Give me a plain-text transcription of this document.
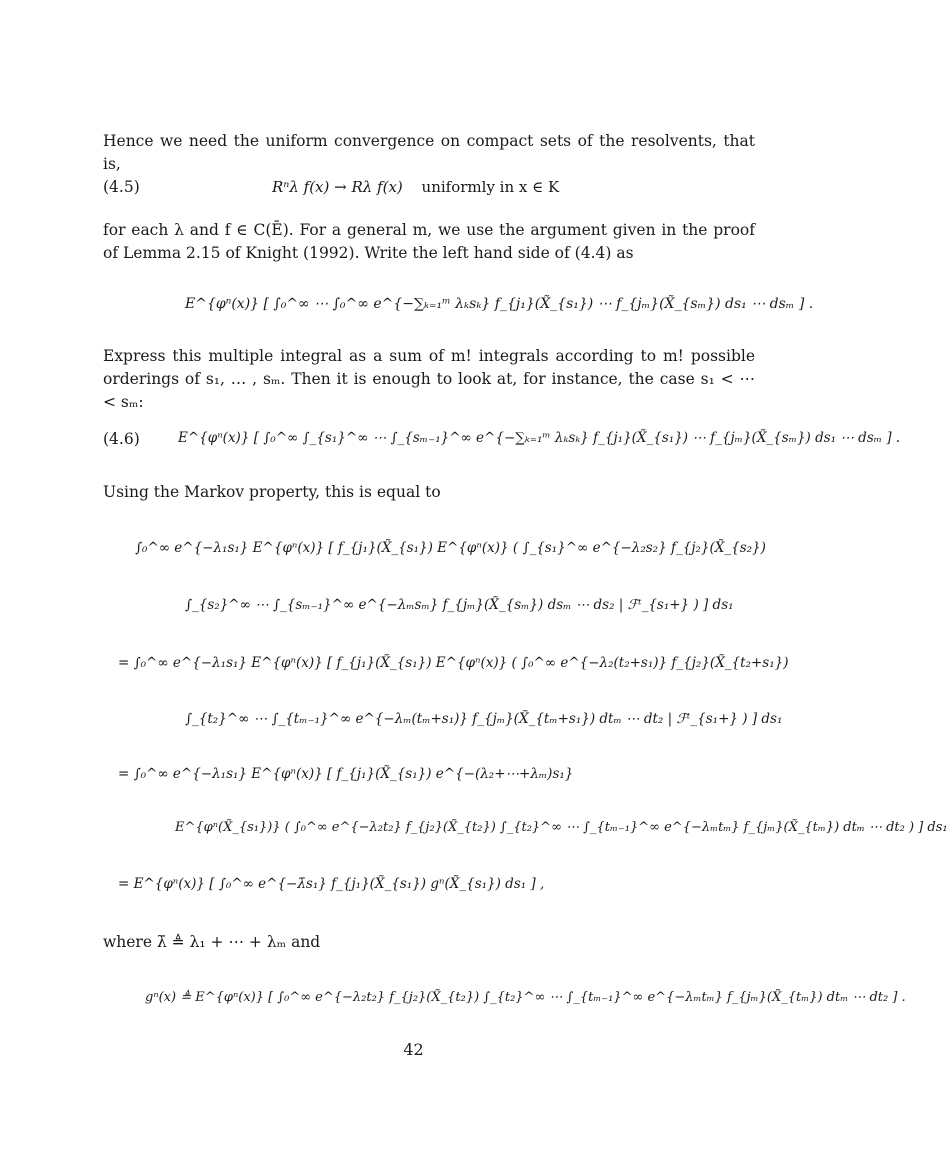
Hence we need the uniform convergence on compact sets of the resolvents, that is,
(4.5)	Rⁿλ f(x) → Rλ f(x) uniformly in x ∈ K
for each λ and f ∈ C(Ē). For a general m, we use the argument given in the proof of Lemma 2.15 of Knight (1992). Write the left hand side of (4.4) as
E^{φⁿ(x)} [ ∫₀^∞ ⋯ ∫₀^∞ e^{−∑ₖ₌₁ᵐ λₖsₖ} f_{j₁}(X̃_{s₁}) ⋯ f_{jₘ}(X̃_{sₘ}) ds₁ ⋯ dsₘ ] .
Express this multiple integral as a sum of m! integrals according to m! possible orderings of s₁, … , sₘ. Then it is enough to look at, for instance, the case s₁ < ⋯ < sₘ:
(4.6)	E^{φⁿ(x)} [ ∫₀^∞ ∫_{s₁}^∞ ⋯ ∫_{sₘ₋₁}^∞ e^{−∑ₖ₌₁ᵐ λₖsₖ} f_{j₁}(X̃_{s₁}) ⋯ f_{jₘ}(X̃_{sₘ}) ds₁ ⋯ dsₘ ] .
Using the Markov property, this is equal to
∫₀^∞ e^{−λ₁s₁} E^{φⁿ(x)} [ f_{j₁}(X̃_{s₁}) E^{φⁿ(x)} ( ∫_{s₁}^∞ e^{−λ₂s₂} f_{j₂}(X̃_{s₂})
∫_{s₂}^∞ ⋯ ∫_{sₘ₋₁}^∞ e^{−λₘsₘ} f_{jₘ}(X̃_{sₘ}) dsₘ ⋯ ds₂ | ℱᵗ_{s₁+} ) ] ds₁
= ∫₀^∞ e^{−λ₁s₁} E^{φⁿ(x)} [ f_{j₁}(X̃_{s₁}) E^{φⁿ(x)} ( ∫₀^∞ e^{−λ₂(t₂+s₁)} f_{j₂}(X̃_{t₂+s₁})
∫_{t₂}^∞ ⋯ ∫_{tₘ₋₁}^∞ e^{−λₘ(tₘ+s₁)} f_{jₘ}(X̃_{tₘ+s₁}) dtₘ ⋯ dt₂ | ℱᵗ_{s₁+} ) ] ds₁
= ∫₀^∞ e^{−λ₁s₁} E^{φⁿ(x)} [ f_{j₁}(X̃_{s₁}) e^{−(λ₂+⋯+λₘ)s₁}
E^{φⁿ(X̃_{s₁})} ( ∫₀^∞ e^{−λ₂t₂} f_{j₂}(X̃_{t₂}) ∫_{t₂}^∞ ⋯ ∫_{tₘ₋₁}^∞ e^{−λₘtₘ} f_{jₘ}(X̃_{tₘ}) dtₘ ⋯ dt₂ ) ] ds₁
= E^{φⁿ(x)} [ ∫₀^∞ e^{−λ̄s₁} f_{j₁}(X̃_{s₁}) gⁿ(X̃_{s₁}) ds₁ ] ,
where λ̄ ≜ λ₁ + ⋯ + λₘ and
gⁿ(x) ≜ E^{φⁿ(x)} [ ∫₀^∞ e^{−λ₂t₂} f_{j₂}(X̃_{t₂}) ∫_{t₂}^∞ ⋯ ∫_{tₘ₋₁}^∞ e^{−λₘtₘ} f_{jₘ}(X̃_{tₘ}) dtₘ ⋯ dt₂ ] .
42
